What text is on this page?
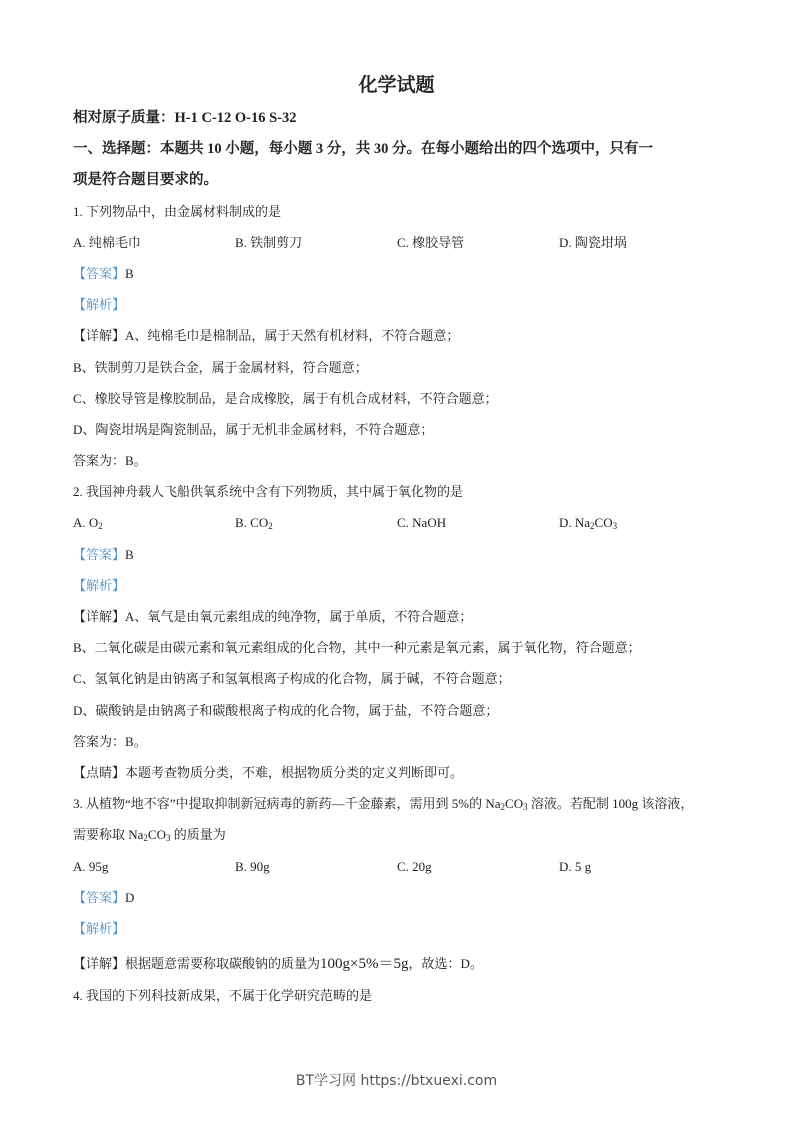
化学试题
相对原子质量：H-1 C-12 O-16 S-32
一、选择题：本题共 10 小题，每小题 3 分，共 30 分。在每小题给出的四个选项中，只有一
项是符合题目要求的。
1. 下列物品中，由金属材料制成的是
A. 纯棉毛巾	B. 铁制剪刀	C. 橡胶导管	D. 陶瓷坩埚
【答案】B
【解析】
【详解】A、纯棉毛巾是棉制品，属于天然有机材料，不符合题意；
B、铁制剪刀是铁合金，属于金属材料，符合题意；
C、橡胶导管是橡胶制品，是合成橡胶，属于有机合成材料，不符合题意；
D、陶瓷坩埚是陶瓷制品，属于无机非金属材料，不符合题意；
答案为：B。
2. 我国神舟载人飞船供氧系统中含有下列物质，其中属于氧化物的是
A. $O_2$	B. $CO_2$	C. NaOH	D. $Na_2CO_3$
【答案】B
【解析】
【详解】A、氧气是由氧元素组成的纯净物，属于单质，不符合题意；
B、二氧化碳是由碳元素和氧元素组成的化合物，其中一种元素是氧元素，属于氧化物，符合题意；
C、氢氧化钠是由钠离子和氢氧根离子构成的化合物，属于碱，不符合题意；
D、碳酸钠是由钠离子和碳酸根离子构成的化合物，属于盐，不符合题意；
答案为：B。
【点睛】本题考查物质分类，不难，根据物质分类的定义判断即可。
3. 从植物“地不容”中提取抑制新冠病毒的新药—千金藤素，需用到 5%的 $Na_2CO_3$ 溶液。若配制 100g 该溶液，
需要称取 $Na_2CO_3$ 的质量为
A. 95g	B. 90g	C. 20g	D. 5 g
【答案】D
【解析】
【详解】根据题意需要称取碳酸钠的质量为100g×5%＝5g，故选：D。
4. 我国的下列科技新成果，不属于化学研究范畴的是
BT学习网 https://btxuexi.com
